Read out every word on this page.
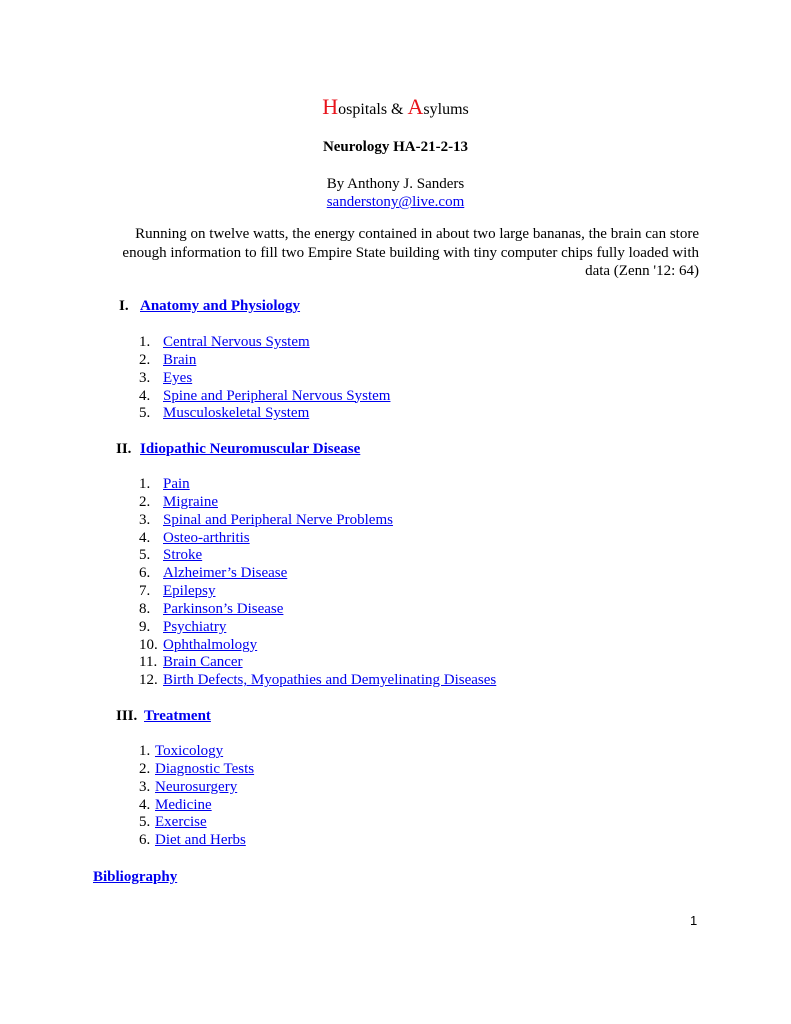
Hospitals & Asylums
Neurology HA-21-2-13
By Anthony J. Sanders
sanderstony@live.com
Running on twelve watts, the energy contained in about two large bananas, the brain can store
enough information to fill two Empire State building with tiny computer chips fully loaded with
data (Zenn '12: 64)
I. Anatomy and Physiology
1. Central Nervous System
2. Brain
3. Eyes
4. Spine and Peripheral Nervous System
5. Musculoskeletal System
II. Idiopathic Neuromuscular Disease
1. Pain
2. Migraine
3. Spinal and Peripheral Nerve Problems
4. Osteo-arthritis
5. Stroke
6. Alzheimer’s Disease
7. Epilepsy
8. Parkinson’s Disease
9. Psychiatry
10. Ophthalmology
11. Brain Cancer
12. Birth Defects, Myopathies and Demyelinating Diseases
III. Treatment
1. Toxicology
2. Diagnostic Tests
3. Neurosurgery
4. Medicine
5. Exercise
6. Diet and Herbs
Bibliography
1
